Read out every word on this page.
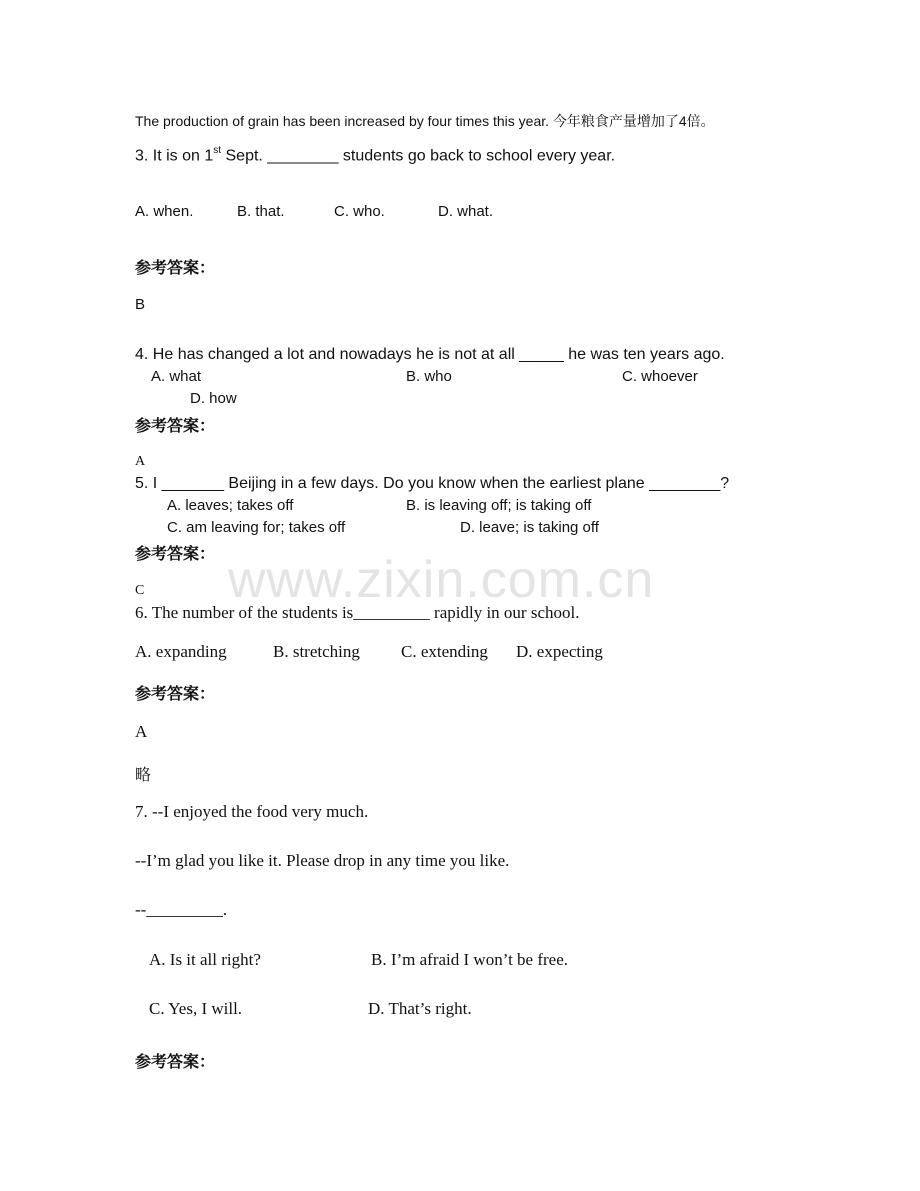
www.zixin.com.cn
The production of grain has been increased by four times this year. 今年粮食产量增加了4倍。
3. It is on 1st Sept. ________ students go back to school every year.
A. when.	B. that.	C. who.	D. what.
参考答案：
B
4. He has changed a lot and nowadays he is not at all _____ he was ten years ago.
A. what	B. who	C. whoever
D. how
参考答案：
A
5. I _______ Beijing in a few days. Do you know when the earliest plane ________?
A. leaves; takes off	B. is leaving off; is taking off
C. am leaving for; takes off	D. leave; is taking off
参考答案：
C
6. The number of the students is_________ rapidly in our school.
A. expanding	B. stretching C. extending D. expecting
参考答案：
A
略
7. --I enjoyed the food very much.
--I’m glad you like it. Please drop in any time you like.
--_________.
A. Is it all right?	B. I’m afraid I won’t be free.
C. Yes, I will.	D. That’s right.
参考答案：
